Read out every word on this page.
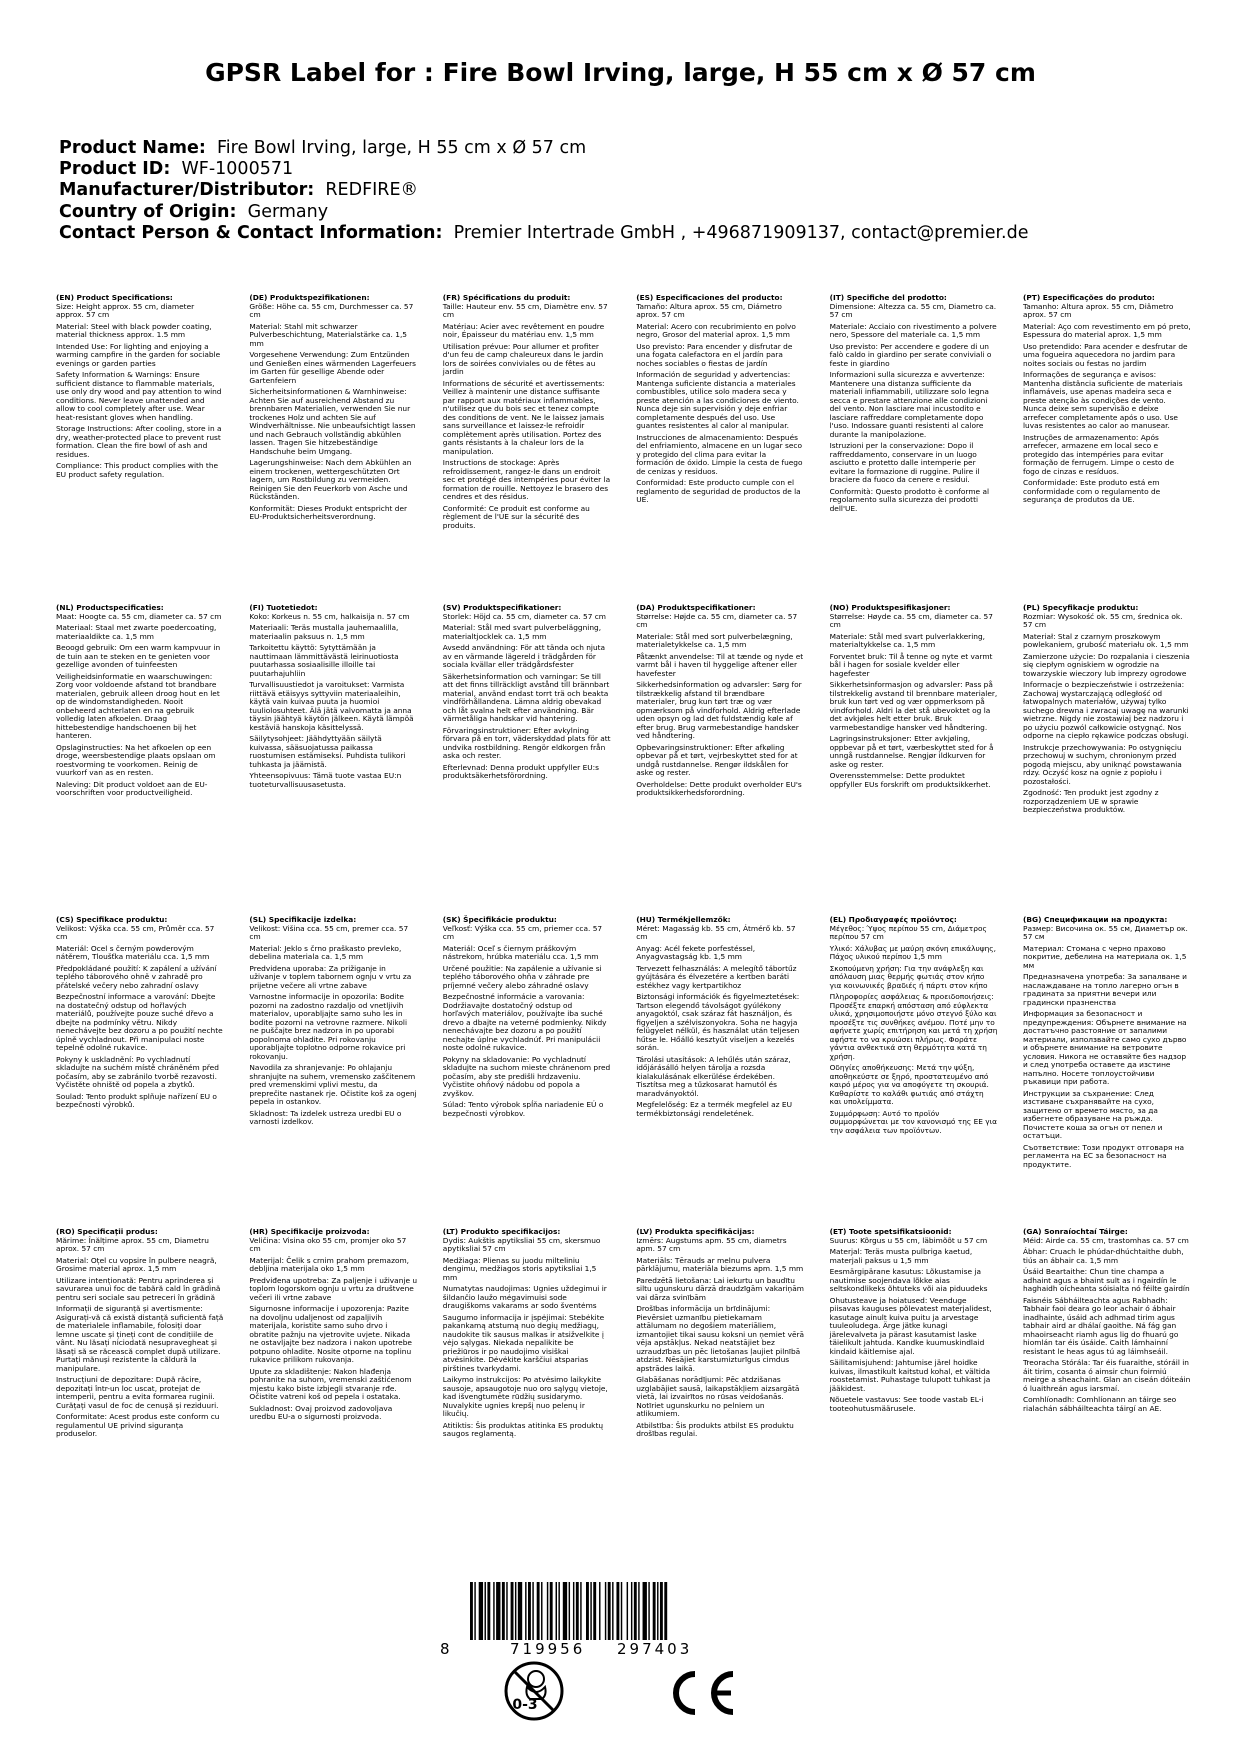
GPSR Label for : Fire Bowl Irving, large, H 55 cm x Ø 57 cm
Product Name: Fire Bowl Irving, large, H 55 cm x Ø 57 cm
Product ID: WF-1000571
Manufacturer/Distributor: REDFIRE®
Country of Origin: Germany
Contact Person & Contact Information: Premier Intertrade GmbH , +496871909137, contact@premier.de
(EN) Product Specifications:

Size: Height approx. 55 cm, diameter approx. 57 cm

Material: Steel with black powder coating, material thickness approx. 1.5 mm

Intended Use: For lighting and enjoying a warming campfire in the garden for sociable evenings or garden parties

Safety Information & Warnings: Ensure sufficient distance to flammable materials, use only dry wood and pay attention to wind conditions. Never leave unattended and allow to cool completely after use. Wear heat-resistant gloves when handling.

Storage Instructions: After cooling, store in a dry, weather-protected place to prevent rust formation. Clean the fire bowl of ash and residues.

Compliance: This product complies with the EU product safety regulation.

(DE) Produktspezifikationen:

Größe: Höhe ca. 55 cm, Durchmesser ca. 57 cm

Material: Stahl mit schwarzer Pulverbeschichtung, Materialstärke ca. 1,5 mm

Vorgesehene Verwendung: Zum Entzünden und Genießen eines wärmenden Lagerfeuers im Garten für gesellige Abende oder Gartenfeiern

Sicherheitsinformationen & Warnhinweise: Achten Sie auf ausreichend Abstand zu brennbaren Materialien, verwenden Sie nur trockenes Holz und achten Sie auf Windverhältnisse. Nie unbeaufsichtigt lassen und nach Gebrauch vollständig abkühlen lassen. Tragen Sie hitzebeständige Handschuhe beim Umgang.

Lagerungshinweise: Nach dem Abkühlen an einem trockenen, wettergeschützten Ort lagern, um Rostbildung zu vermeiden. Reinigen Sie den Feuerkorb von Asche und Rückständen.

Konformität: Dieses Produkt entspricht der EU-Produktsicherheitsverordnung.

(FR) Spécifications du produit:

Taille: Hauteur env. 55 cm, Diamètre env. 57 cm

Matériau: Acier avec revêtement en poudre noir, Épaisseur du matériau env. 1,5 mm

Utilisation prévue: Pour allumer et profiter d'un feu de camp chaleureux dans le jardin lors de soirées conviviales ou de fêtes au jardin

Informations de sécurité et avertissements: Veillez à maintenir une distance suffisante par rapport aux matériaux inflammables, n'utilisez que du bois sec et tenez compte des conditions de vent. Ne le laissez jamais sans surveillance et laissez-le refroidir complètement après utilisation. Portez des gants résistants à la chaleur lors de la manipulation.

Instructions de stockage: Après refroidissement, rangez-le dans un endroit sec et protégé des intempéries pour éviter la formation de rouille. Nettoyez le brasero des cendres et des résidus.

Conformité: Ce produit est conforme au règlement de l'UE sur la sécurité des produits.

(ES) Especificaciones del producto:

Tamaño: Altura aprox. 55 cm, Diámetro aprox. 57 cm

Material: Acero con recubrimiento en polvo negro, Grosor del material aprox. 1,5 mm

Uso previsto: Para encender y disfrutar de una fogata calefactora en el jardín para noches sociables o fiestas de jardín

Información de seguridad y advertencias: Mantenga suficiente distancia a materiales combustibles, utilice solo madera seca y preste atención a las condiciones de viento. Nunca deje sin supervisión y deje enfriar completamente después del uso. Use guantes resistentes al calor al manipular.

Instrucciones de almacenamiento: Después del enfriamiento, almacene en un lugar seco y protegido del clima para evitar la formación de óxido. Limpie la cesta de fuego de cenizas y residuos.

Conformidad: Este producto cumple con el reglamento de seguridad de productos de la UE.

(IT) Specifiche del prodotto:

Dimensione: Altezza ca. 55 cm, Diametro ca. 57 cm

Materiale: Acciaio con rivestimento a polvere nero, Spessore del materiale ca. 1,5 mm

Uso previsto: Per accendere e godere di un falò caldo in giardino per serate conviviali o feste in giardino

Informazioni sulla sicurezza e avvertenze: Mantenere una distanza sufficiente da materiali infiammabili, utilizzare solo legna secca e prestare attenzione alle condizioni del vento. Non lasciare mai incustodito e lasciare raffreddare completamente dopo l'uso. Indossare guanti resistenti al calore durante la manipolazione.

Istruzioni per la conservazione: Dopo il raffreddamento, conservare in un luogo asciutto e protetto dalle intemperie per evitare la formazione di ruggine. Pulire il braciere da fuoco da cenere e residui.

Conformità: Questo prodotto è conforme al regolamento sulla sicurezza dei prodotti dell'UE.

(PT) Especificações do produto:

Tamanho: Altura aprox. 55 cm, Diâmetro aprox. 57 cm

Material: Aço com revestimento em pó preto, Espessura do material aprox. 1,5 mm

Uso pretendido: Para acender e desfrutar de uma fogueira aquecedora no jardim para noites sociais ou festas no jardim

Informações de segurança e avisos: Mantenha distância suficiente de materiais inflamáveis, use apenas madeira seca e preste atenção às condições de vento. Nunca deixe sem supervisão e deixe arrefecer completamente após o uso. Use luvas resistentes ao calor ao manusear.

Instruções de armazenamento: Após arrefecer, armazene em local seco e protegido das intempéries para evitar formação de ferrugem. Limpe o cesto de fogo de cinzas e resíduos.

Conformidade: Este produto está em conformidade com o regulamento de segurança de produtos da UE.

(NL) Productspecificaties:

Maat: Hoogte ca. 55 cm, diameter ca. 57 cm

Materiaal: Staal met zwarte poedercoating, materiaaldikte ca. 1,5 mm

Beoogd gebruik: Om een warm kampvuur in de tuin aan te steken en te genieten voor gezellige avonden of tuinfeesten

Veiligheidsinformatie en waarschuwingen: Zorg voor voldoende afstand tot brandbare materialen, gebruik alleen droog hout en let op de windomstandigheden. Nooit onbeheerd achterlaten en na gebruik volledig laten afkoelen. Draag hittebestendige handschoenen bij het hanteren.

Opslaginstructies: Na het afkoelen op een droge, weersbestendige plaats opslaan om roestvorming te voorkomen. Reinig de vuurkorf van as en resten.

Naleving: Dit product voldoet aan de EU-voorschriften voor productveiligheid.

(FI) Tuotetiedot:

Koko: Korkeus n. 55 cm, halkaisija n. 57 cm

Materiaali: Teräs mustalla jauhemaalilla, materiaalin paksuus n. 1,5 mm

Tarkoitettu käyttö: Sytyttämään ja nauttimaan lämmittävästä leirinuotiosta puutarhassa sosiaalisille illoille tai puutarhajuhliin

Turvallisuustiedot ja varoitukset: Varmista riittävä etäisyys syttyviin materiaaleihin, käytä vain kuivaa puuta ja huomioi tuuliolosuhteet. Älä jätä valvomatta ja anna täysin jäähtyä käytön jälkeen. Käytä lämpöä kestäviä hanskoja käsittelyssä.

Säilytysohjeet: Jäähdyttyään säilytä kuivassa, sääsuojatussa paikassa ruostumisen estämiseksi. Puhdista tulikori tuhkasta ja jäämistä.

Yhteensopivuus: Tämä tuote vastaa EU:n tuoteturvallisuusasetusta.

(SV) Produktspecifikationer:

Storlek: Höjd ca. 55 cm, diameter ca. 57 cm

Material: Stål med svart pulverbeläggning, materialtjocklek ca. 1,5 mm

Avsedd användning: För att tända och njuta av en värmande lägereld i trädgården för sociala kvällar eller trädgårdsfester

Säkerhetsinformation och varningar: Se till att det finns tillräckligt avstånd till brännbart material, använd endast torrt trä och beakta vindförhållandena. Lämna aldrig obevakad och låt svalna helt efter användning. Bär värmetåliga handskar vid hantering.

Förvaringsinstruktioner: Efter avkylning förvara på en torr, väderskyddad plats för att undvika rostbildning. Rengör eldkorgen från aska och rester.

Efterlevnad: Denna produkt uppfyller EU:s produktsäkerhetsförordning.

(DA) Produktspecifikationer:

Størrelse: Højde ca. 55 cm, diameter ca. 57 cm

Materiale: Stål med sort pulverbelægning, materialetykkelse ca. 1,5 mm

Påtænkt anvendelse: Til at tænde og nyde et varmt bål i haven til hyggelige aftener eller havefester

Sikkerhedsinformation og advarsler: Sørg for tilstrækkelig afstand til brændbare materialer, brug kun tørt træ og vær opmærksom på vindforhold. Aldrig efterlade uden opsyn og lad det fuldstændig køle af efter brug. Brug varmebestandige handsker ved håndtering.

Opbevaringsinstruktioner: Efter afkøling opbevar på et tørt, vejrbeskyttet sted for at undgå rustdannelse. Rengør ildskålen for aske og rester.

Overholdelse: Dette produkt overholder EU's produktsikkerhedsforordning.

(NO) Produktspesifikasjoner:

Størrelse: Høyde ca. 55 cm, diameter ca. 57 cm

Materiale: Stål med svart pulverlakkering, materialtykkelse ca. 1,5 mm

Forventet bruk: Til å tenne og nyte et varmt bål i hagen for sosiale kvelder eller hagefester

Sikkerhetsinformasjon og advarsler: Pass på tilstrekkelig avstand til brennbare materialer, bruk kun tørt ved og vær oppmerksom på vindforhold. Aldri la det stå ubevoktet og la det avkjøles helt etter bruk. Bruk varmebestandige hansker ved håndtering.

Lagringsinstruksjoner: Etter avkjøling, oppbevar på et tørt, værbeskyttet sted for å unngå rustdannelse. Rengjør ildkurven for aske og rester.

Overensstemmelse: Dette produktet oppfyller EUs forskrift om produktsikkerhet.

(PL) Specyfikacje produktu:

Rozmiar: Wysokość ok. 55 cm, średnica ok. 57 cm

Materiał: Stal z czarnym proszkowym powlekaniem, grubość materiału ok. 1,5 mm

Zamierzone użycie: Do rozpalania i cieszenia się ciepłym ogniskiem w ogrodzie na towarzyskie wieczory lub imprezy ogrodowe

Informacje o bezpieczeństwie i ostrzeżenia: Zachowaj wystarczającą odległość od łatwopalnych materiałów, używaj tylko suchego drewna i zwracaj uwagę na warunki wietrzne. Nigdy nie zostawiaj bez nadzoru i po użyciu pozwól całkowicie ostygnąć. Nos odporne na ciepło rękawice podczas obsługi.

Instrukcje przechowywania: Po ostygnięciu przechowuj w suchym, chronionym przed pogodą miejscu, aby uniknąć powstawania rdzy. Oczyść kosz na ognie z popiołu i pozostałości.

Zgodność: Ten produkt jest zgodny z rozporządzeniem UE w sprawie bezpieczeństwa produktów.

(CS) Specifikace produktu:

Velikost: Výška cca. 55 cm, Průměr cca. 57 cm

Materiál: Ocel s černým powderovým nátěrem, Tloušťka materiálu cca. 1,5 mm

Předpokládané použití: K zapálení a užívání teplého táborového ohně v zahradě pro přátelské večery nebo zahradní oslavy

Bezpečnostní informace a varování: Dbejte na dostatečný odstup od hořlavých materiálů, používejte pouze suché dřevo a dbejte na podmínky větru. Nikdy nenechávejte bez dozoru a po použití nechte úplně vychladnout. Při manipulaci noste tepelně odolné rukavice.

Pokyny k uskladnění: Po vychladnutí skladujte na suchém místě chráněném před počasím, aby se zabránilo tvorbě rezavosti. Vyčistěte ohniště od popela a zbytků.

Soulad: Tento produkt splňuje nařízení EU o bezpečnosti výrobků.

(SL) Specifikacije izdelka:

Velikost: Višina cca. 55 cm, premer cca. 57 cm

Material: Jeklo s črno praškasto prevleko, debelina materiala ca. 1,5 mm

Predvidena uporaba: Za prižiganje in uživanje v toplem tabornem ognju v vrtu za prijetne večere ali vrtne zabave

Varnostne informacije in opozorila: Bodite pozorni na zadostno razdaljo od vnetljivih materialov, uporabljajte samo suho les in bodite pozorni na vetrovne razmere. Nikoli ne puščajte brez nadzora in po uporabi popolnoma ohladite. Pri rokovanju uporabljajte toplotno odporne rokavice pri rokovanju.

Navodila za shranjevanje: Po ohlajanju shranjujte na suhem, vremensko zaščitenem pred vremenskimi vplivi mestu, da preprečite nastanek rje. Očistite koš za ogenj pepela in ostankov.

Skladnost: Ta izdelek ustreza uredbi EU o varnosti izdelkov.

(SK) Špecifikácie produktu:

Veľkosť: Výška cca. 55 cm, priemer cca. 57 cm

Materiál: Oceľ s čiernym práškovým nástrekom, hrúbka materiálu cca. 1,5 mm

Určené použitie: Na zapálenie a užívanie si teplého táborového ohňa v záhrade pre príjemné večery alebo záhradné oslavy

Bezpečnostné informácie a varovania: Dodržiavajte dostatočný odstup od horľavých materiálov, používajte iba suché drevo a dbajte na veterné podmienky. Nikdy nenechávajte bez dozoru a po použití nechajte úplne vychladnúť. Pri manipulácii noste odolné rukavice.

Pokyny na skladovanie: Po vychladnutí skladujte na suchom mieste chránenom pred počasím, aby ste predišli hrdzaveniu. Vyčistite ohňový nádobu od popola a zvyškov.

Súlad: Tento výrobok spĺňa nariadenie EÚ o bezpečnosti výrobkov.

(HU) Termékjellemzők:

Méret: Magasság kb. 55 cm, Átmérő kb. 57 cm

Anyag: Acél fekete porfestéssel, Anyagvastagság kb. 1,5 mm

Tervezett felhasználás: A melegítő tábortűz gyújtására és élvezetére a kertben baráti estékhez vagy kertpartikhoz

Biztonsági információk és figyelmeztetések: Tartson elegendő távolságot gyúlékony anyagoktól, csak száraz fát használjon, és figyeljen a szélviszonyokra. Soha ne hagyja felügyelet nélkül, és használat után teljesen hűtse le. Hőálló kesztyűt viseljen a kezelés során.

Tárolási utasítások: A lehűlés után száraz, időjárásálló helyen tárolja a rozsda kialakulásának elkerülése érdekében. Tisztítsa meg a tűzkosarat hamutól és maradványoktól.

Megfelelőség: Ez a termék megfelel az EU termékbiztonsági rendeletének.

(EL) Προδιαγραφές προϊόντος:

Μέγεθος: Ύψος περίπου 55 cm, Διάμετρος περίπου 57 cm

Υλικό: Χάλυβας με μαύρη σκόνη επικάλυψης, Πάχος υλικού περίπου 1,5 mm

Σκοπούμενη χρήση: Για την ανάφλεξη και απόλαυση μιας θερμής φωτιάς στον κήπο για κοινωνικές βραδιές ή πάρτι στον κήπο

Πληροφορίες ασφάλειας & προειδοποιήσεις: Προσέξτε επαρκή απόσταση από εύφλεκτα υλικά, χρησιμοποιήστε μόνο στεγνό ξύλο και προσέξτε τις συνθήκες ανέμου. Ποτέ μην το αφήνετε χωρίς επιτήρηση και μετά τη χρήση αφήστε το να κρυώσει πλήρως. Φοράτε γάντια ανθεκτικά στη θερμότητα κατά τη χρήση.

Οδηγίες αποθήκευσης: Μετά την ψύξη, αποθηκεύστε σε ξηρό, προστατευμένο από καιρό μέρος για να αποφύγετε τη σκουριά. Καθαρίστε το καλάθι φωτιάς από στάχτη και υπολείμματα.

Συμμόρφωση: Αυτό το προϊόν συμμορφώνεται με τον κανονισμό της ΕΕ για την ασφάλεια των προϊόντων.

(BG) Спецификации на продукта:

Размер: Височина ок. 55 см, Диаметър ок. 57 см

Материал: Стомана с черно прахово покритие, дебелина на материала ок. 1,5 мм

Предназначена употреба: За запалване и наслаждаване на топло лагерно огън в градината за приятни вечери или градински празненства

Информация за безопасност и предупреждения: Обърнете внимание на достатъчно разстояние от запалими материали, използвайте само сухо дърво и обърнете внимание на ветровите условия. Никога не оставяйте без надзор и след употреба оставете да изстине напълно. Носете топлоустойчиви ръкавици при работа.

Инструкции за съхранение: След изстиване съхранявайте на сухо, защитено от времето място, за да избегнете образуване на ръжда. Почистете коша за огън от пепел и остатъци.

Съответствие: Този продукт отговаря на регламента на ЕС за безопасност на продуктите.

(RO) Specificații produs:

Mărime: Înălțime aprox. 55 cm, Diametru aprox. 57 cm

Material: Oțel cu vopsire în pulbere neagră, Grosime material aprox. 1,5 mm

Utilizare intenționată: Pentru aprinderea și savurarea unui foc de tabără cald în grădină pentru seri sociale sau petreceri în grădină

Informații de siguranță și avertismente: Asigurați-vă că există distanță suficientă față de materialele inflamabile, folosiți doar lemne uscate și țineți cont de condițiile de vânt. Nu lăsați niciodată nesupravegheat și lăsați să se răcească complet după utilizare. Purtați mănuși rezistente la căldură la manipulare.

Instrucțiuni de depozitare: După răcire, depozitați într-un loc uscat, protejat de intemperii, pentru a evita formarea ruginii. Curățați vasul de foc de cenușă și reziduuri.

Conformitate: Acest produs este conform cu regulamentul UE privind siguranța produselor.

(HR) Specifikacije proizvoda:

Veličina: Visina oko 55 cm, promjer oko 57 cm

Materijal: Čelik s crnim prahom premazom, debljina materijala oko 1,5 mm

Predviđena upotreba: Za paljenje i uživanje u toplom logorskom ognju u vrtu za društvene večeri ili vrtne zabave

Sigurnosne informacije i upozorenja: Pazite na dovoljnu udaljenost od zapaljivih materijala, koristite samo suho drvo i obratite pažnju na vjetrovite uvjete. Nikada ne ostavljajte bez nadzora i nakon upotrebe potpuno ohladite. Nosite otporne na toplinu rukavice prilikom rukovanja.

Upute za skladištenje: Nakon hlađenja pohranite na suhom, vremenski zaštićenom mjestu kako biste izbjegli stvaranje rđe. Očistite vatreni koš od pepela i ostataka.

Sukladnost: Ovaj proizvod zadovoljava uredbu EU-a o sigurnosti proizvoda.

(LT) Produkto specifikacijos:

Dydis: Aukštis apytiksliai 55 cm, skersmuo apytiksliai 57 cm

Medžiaga: Plienas su juodu milteliniu dengimu, medžiagos storis apytiksliai 1,5 mm

Numatytas naudojimas: Ugnies uždegimui ir šildančio laužo mėgavimuisi sode draugiškoms vakarams ar sodo šventėms

Saugumo informacija ir įspėjimai: Stebėkite pakankamą atstumą nuo degių medžiagų, naudokite tik sausus malkas ir atsižvelkite į vėjo sąlygas. Niekada nepalikite be priežiūros ir po naudojimo visiškai atvėsinkite. Dėvėkite karščiui atsparias pirštines tvarkydami.

Laikymo instrukcijos: Po atvėsimo laikykite sausoje, apsaugotoje nuo oro sąlygų vietoje, kad išvengtumėte rūdžių susidarymo. Nuvalykite ugnies krepšį nuo pelenų ir likučių.

Atitiktis: Šis produktas atitinka ES produktų saugos reglamentą.

(LV) Produkta specifikācijas:

Izmērs: Augstums apm. 55 cm, diametrs apm. 57 cm

Materiāls: Tērauds ar melnu pulvera pārklājumu, materiāla biezums apm. 1,5 mm

Paredzētā lietošana: Lai iekurtu un baudītu siltu ugunskuru dārzā draudzīgām vakariņām vai dārza svinībām

Drošības informācija un brīdinājumi: Pievērsiet uzmanību pietiekamam attālumam no degošiem materiāliem, izmantojiet tikai sausu koksni un ņemiet vērā vēja apstākļus. Nekad neatstājiet bez uzraudzības un pēc lietošanas ļaujiet pilnībā atdzist. Nēsājiet karstumizturīgus cimdus apstrādes laikā.

Glabāšanas norādījumi: Pēc atdzišanas uzglabājiet sausā, laikapstākļiem aizsargātā vietā, lai izvairītos no rūsas veidošanās. Notīriet ugunskurku no pelniem un atlikumiem.

Atbilstība: Šis produkts atbilst ES produktu drošības regulai.

(ET) Toote spetsifikatsioonid:

Suurus: Kõrgus u 55 cm, läbimõõt u 57 cm

Materjal: Teräs musta pulbriga kaetud, materjali paksus u 1,5 mm

Eesmärgipärane kasutus: Lõkustamise ja nautimise soojendava lõkke aias seltskondlikeks õhtuteks või aia piduudeks

Ohutusteave ja hoiatused: Veenduge piisavas kauguses põlevatest materjalidest, kasutage ainult kuiva puitu ja arvestage tuuleoludega. Ärge jätke kunagi järelevalveta ja pärast kasutamist laske täielikult jahtuda. Kandke kuumuskindlaid kindaid käitlemise ajal.

Säilitamisjuhend: Jahtumise järel hoidke kuivas, ilmastikult kaitstud kohal, et vältida roostetamist. Puhastage tulupott tuhkast ja jääkidest.

Nõuetele vastavus: See toode vastab EL-i tooteohutusmäärusele.

(GA) Sonraíochtaí Táirge:

Méid: Airde ca. 55 cm, trastomhas ca. 57 cm

Ábhar: Cruach le phúdar-dhúchtaithe dubh, tiús an ábhair ca. 1,5 mm

Úsáid Beartaithe: Chun tine champa a adhaint agus a bhaint sult as i ngairdín le haghaidh oícheanta sóisialta nó féilte gairdín

Faisnéis Sábháilteachta agus Rabhadh: Tabhair faoi deara go leor achair ó ábhair inadhainte, úsáid ach adhmad tirim agus tabhair aird ar dhálaí gaoithe. Ná fág gan mhaoirseacht riamh agus lig do fhuarú go hiomlán tar éis úsáide. Caith lámhainní resistant le heas agus tú ag láimhseáil.

Treoracha Stórála: Tar éis fuaraithe, stóráil in áit tirim, cosanta ó aimsir chun foirmiú meirge a sheachaint. Glan an ciseán dóiteáin ó luaithreán agus iarsmaí.

Comhlíonadh: Comhlíonann an táirge seo rialachán sábháilteachta táirgí an AE.

8	719956 297403
0-3
